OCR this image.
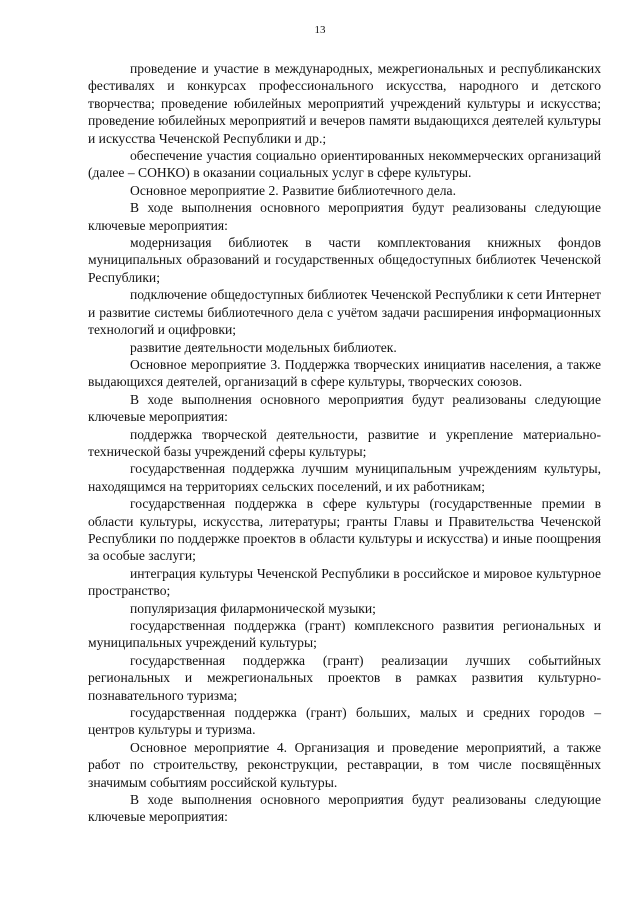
13

проведение и участие в международных, межрегиональных и республиканских фестивалях и конкурсах профессионального искусства, народного и детского творчества; проведение юбилейных мероприятий учреждений культуры и искусства; проведение юбилейных мероприятий и вечеров памяти выдающихся деятелей культуры и искусства Чеченской Республики и др.;

обеспечение участия социально ориентированных некоммерческих организаций (далее – СОНКО) в оказании социальных услуг в сфере культуры.

Основное мероприятие 2. Развитие библиотечного дела.

В ходе выполнения основного мероприятия будут реализованы следующие ключевые мероприятия:

модернизация библиотек в части комплектования книжных фондов муниципальных образований и государственных общедоступных библиотек Чеченской Республики;

подключение общедоступных библиотек Чеченской Республики к сети Интернет и развитие системы библиотечного дела с учётом задачи расширения информационных технологий и оцифровки;

развитие деятельности модельных библиотек.

Основное мероприятие 3. Поддержка творческих инициатив населения, а также выдающихся деятелей, организаций в сфере культуры, творческих союзов.

В ходе выполнения основного мероприятия будут реализованы следующие ключевые мероприятия:

поддержка творческой деятельности, развитие и укрепление материально-технической базы учреждений сферы культуры;

государственная поддержка лучшим муниципальным учреждениям культуры, находящимся на территориях сельских поселений, и их работникам;

государственная поддержка в сфере культуры (государственные премии в области культуры, искусства, литературы; гранты Главы и Правительства Чеченской Республики по поддержке проектов в области культуры и искусства) и иные поощрения за особые заслуги;

интеграция культуры Чеченской Республики в российское и мировое культурное пространство;

популяризация филармонической музыки;

государственная поддержка (грант) комплексного развития региональных и муниципальных учреждений культуры;

государственная поддержка (грант) реализации лучших событийных региональных и межрегиональных проектов в рамках развития культурно-познавательного туризма;

государственная поддержка (грант) больших, малых и средних городов – центров культуры и туризма.

Основное мероприятие 4. Организация и проведение мероприятий, а также работ по строительству, реконструкции, реставрации, в том числе посвящённых значимым событиям российской культуры.

В ходе выполнения основного мероприятия будут реализованы следующие ключевые мероприятия:
